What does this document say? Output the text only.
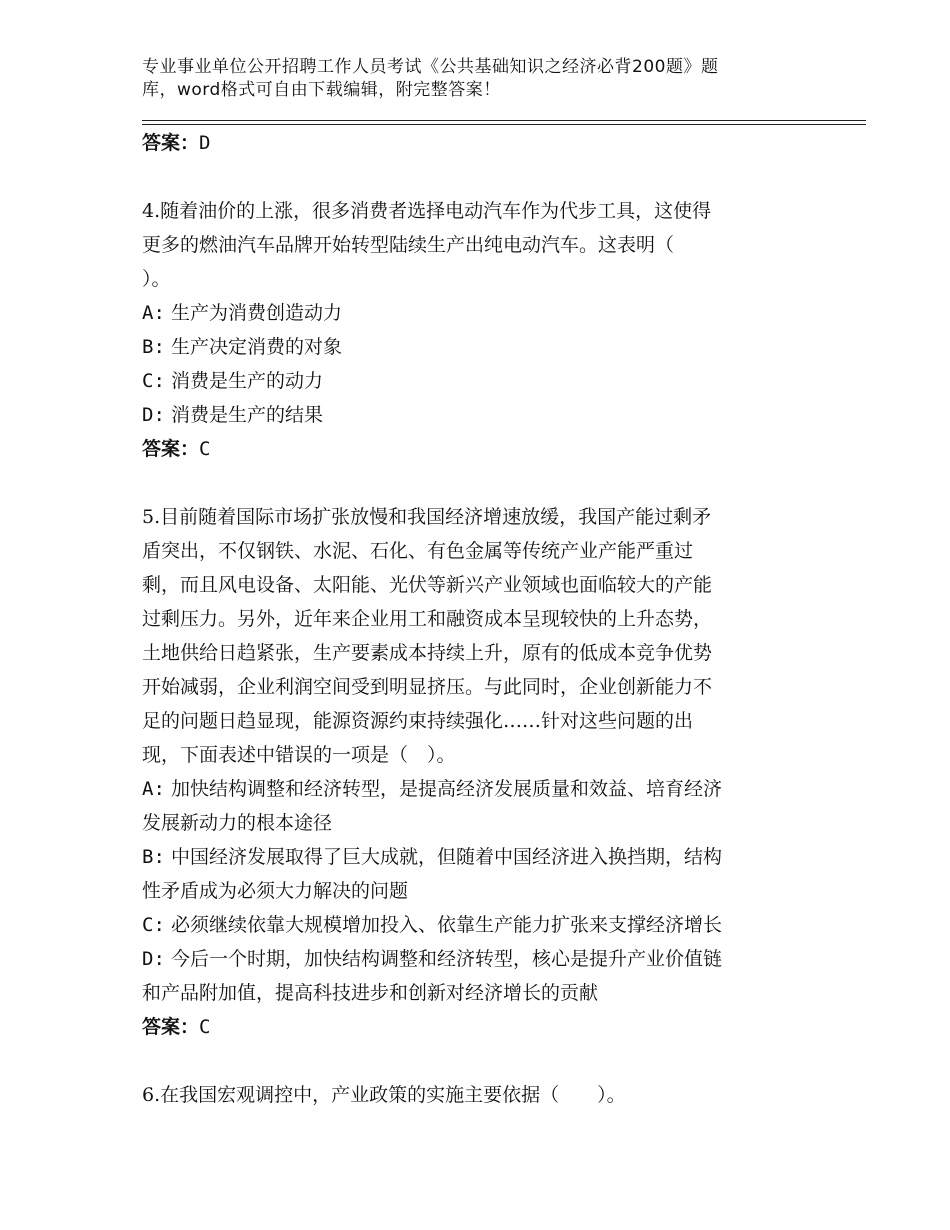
专业事业单位公开招聘工作人员考试《公共基础知识之经济必背200题》题
库，word格式可自由下载编辑，附完整答案！
答案：D
4.随着油价的上涨，很多消费者选择电动汽车作为代步工具，这使得
更多的燃油汽车品牌开始转型陆续生产出纯电动汽车。这表明（
）。
A: 生产为消费创造动力
B: 生产决定消费的对象
C: 消费是生产的动力
D: 消费是生产的结果
答案：C
5.目前随着国际市场扩张放慢和我国经济增速放缓，我国产能过剩矛
盾突出，不仅钢铁、水泥、石化、有色金属等传统产业产能严重过
剩，而且风电设备、太阳能、光伏等新兴产业领域也面临较大的产能
过剩压力。另外，近年来企业用工和融资成本呈现较快的上升态势，
土地供给日趋紧张，生产要素成本持续上升，原有的低成本竞争优势
开始减弱，企业利润空间受到明显挤压。与此同时，企业创新能力不
足的问题日趋显现，能源资源约束持续强化……针对这些问题的出
现，下面表述中错误的一项是（　）。
A: 加快结构调整和经济转型，是提高经济发展质量和效益、培育经济
发展新动力的根本途径
B: 中国经济发展取得了巨大成就，但随着中国经济进入换挡期，结构
性矛盾成为必须大力解决的问题
C: 必须继续依靠大规模增加投入、依靠生产能力扩张来支撑经济增长
D: 今后一个时期，加快结构调整和经济转型，核心是提升产业价值链
和产品附加值，提高科技进步和创新对经济增长的贡献
答案：C
6.在我国宏观调控中，产业政策的实施主要依据（　　）。
